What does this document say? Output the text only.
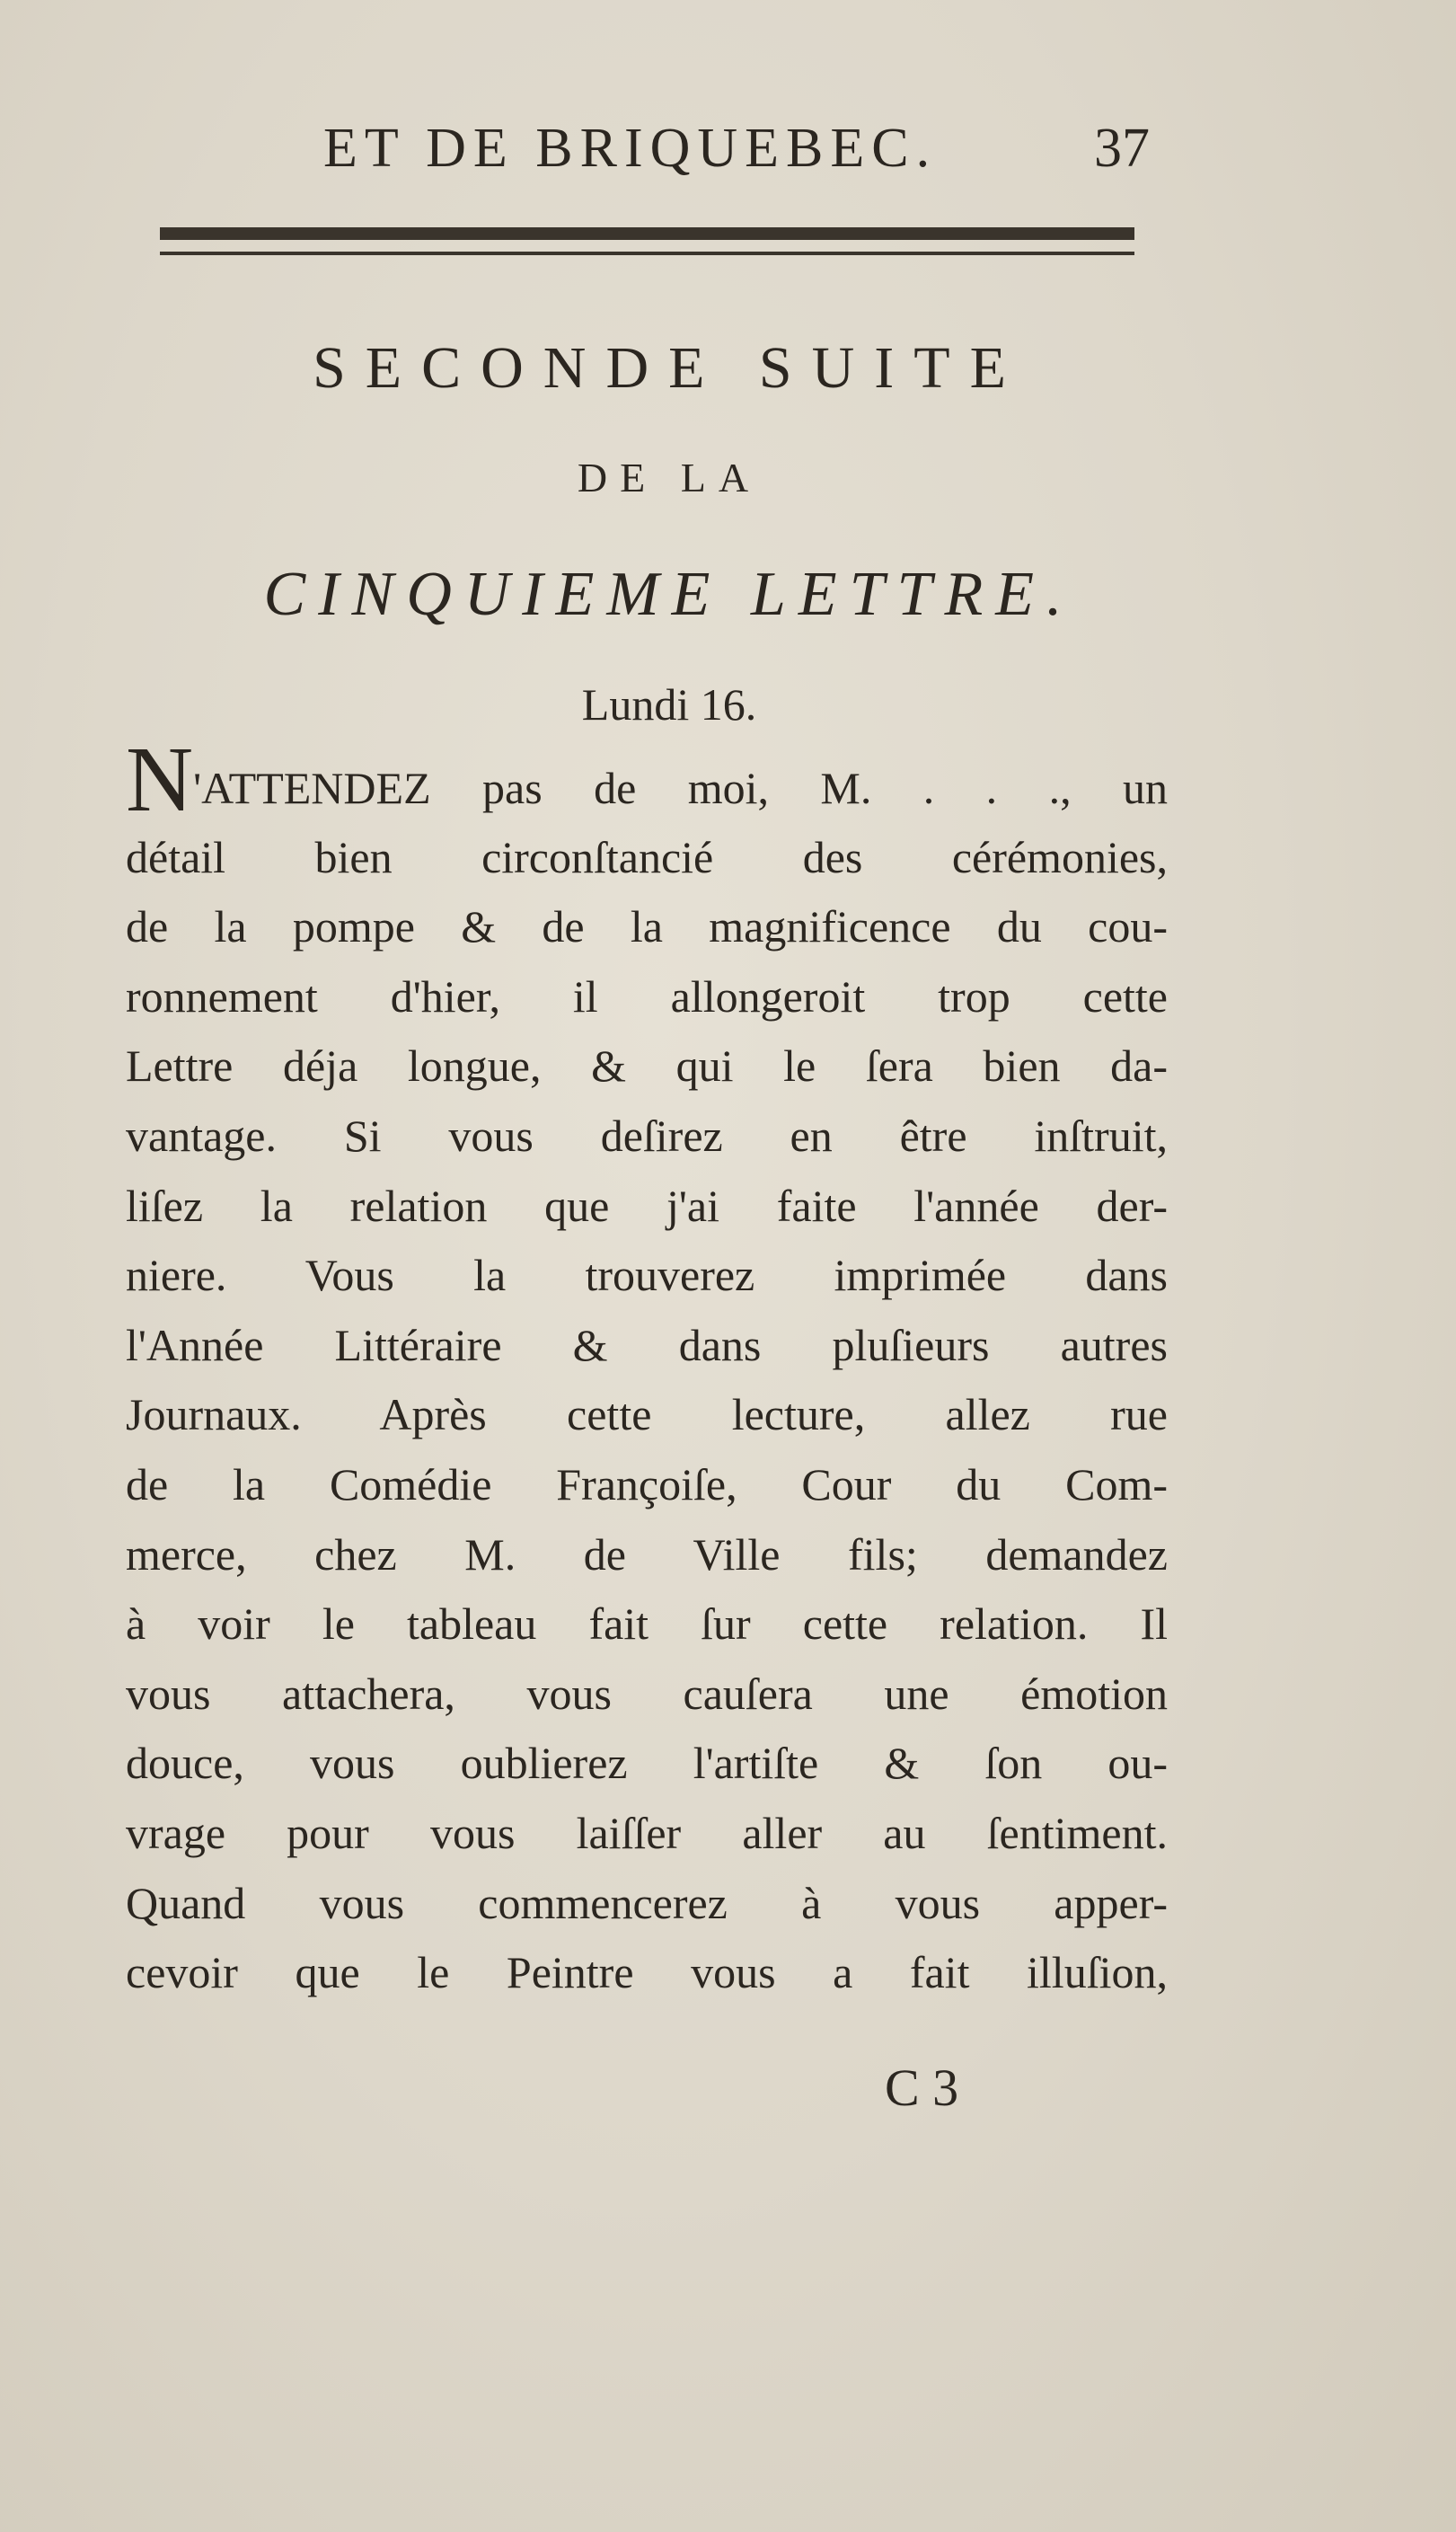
ET DE BRIQUEBEC.	37
SECONDE SUITE
DE LA
CINQUIEME LETTRE.
Lundi 16.
N'ATTENDEZ pas de moi, M. . . ., un
détail bien circonſtancié des cérémonies,
de la pompe & de la magnificence du cou-
ronnement d'hier, il allongeroit trop cette
Lettre déja longue, & qui le ſera bien da-
vantage. Si vous deſirez en être inſtruit,
liſez la relation que j'ai faite l'année der-
niere. Vous la trouverez imprimée dans
l'Année Littéraire & dans pluſieurs autres
Journaux. Après cette lecture, allez rue
de la Comédie Françoiſe, Cour du Com-
merce, chez M. de Ville fils; demandez
à voir le tableau fait ſur cette relation. Il
vous attachera, vous cauſera une émotion
douce, vous oublierez l'artiſte & ſon ou-
vrage pour vous laiſſer aller au ſentiment.
Quand vous commencerez à vous apper-
cevoir que le Peintre vous a fait illuſion,
C 3
